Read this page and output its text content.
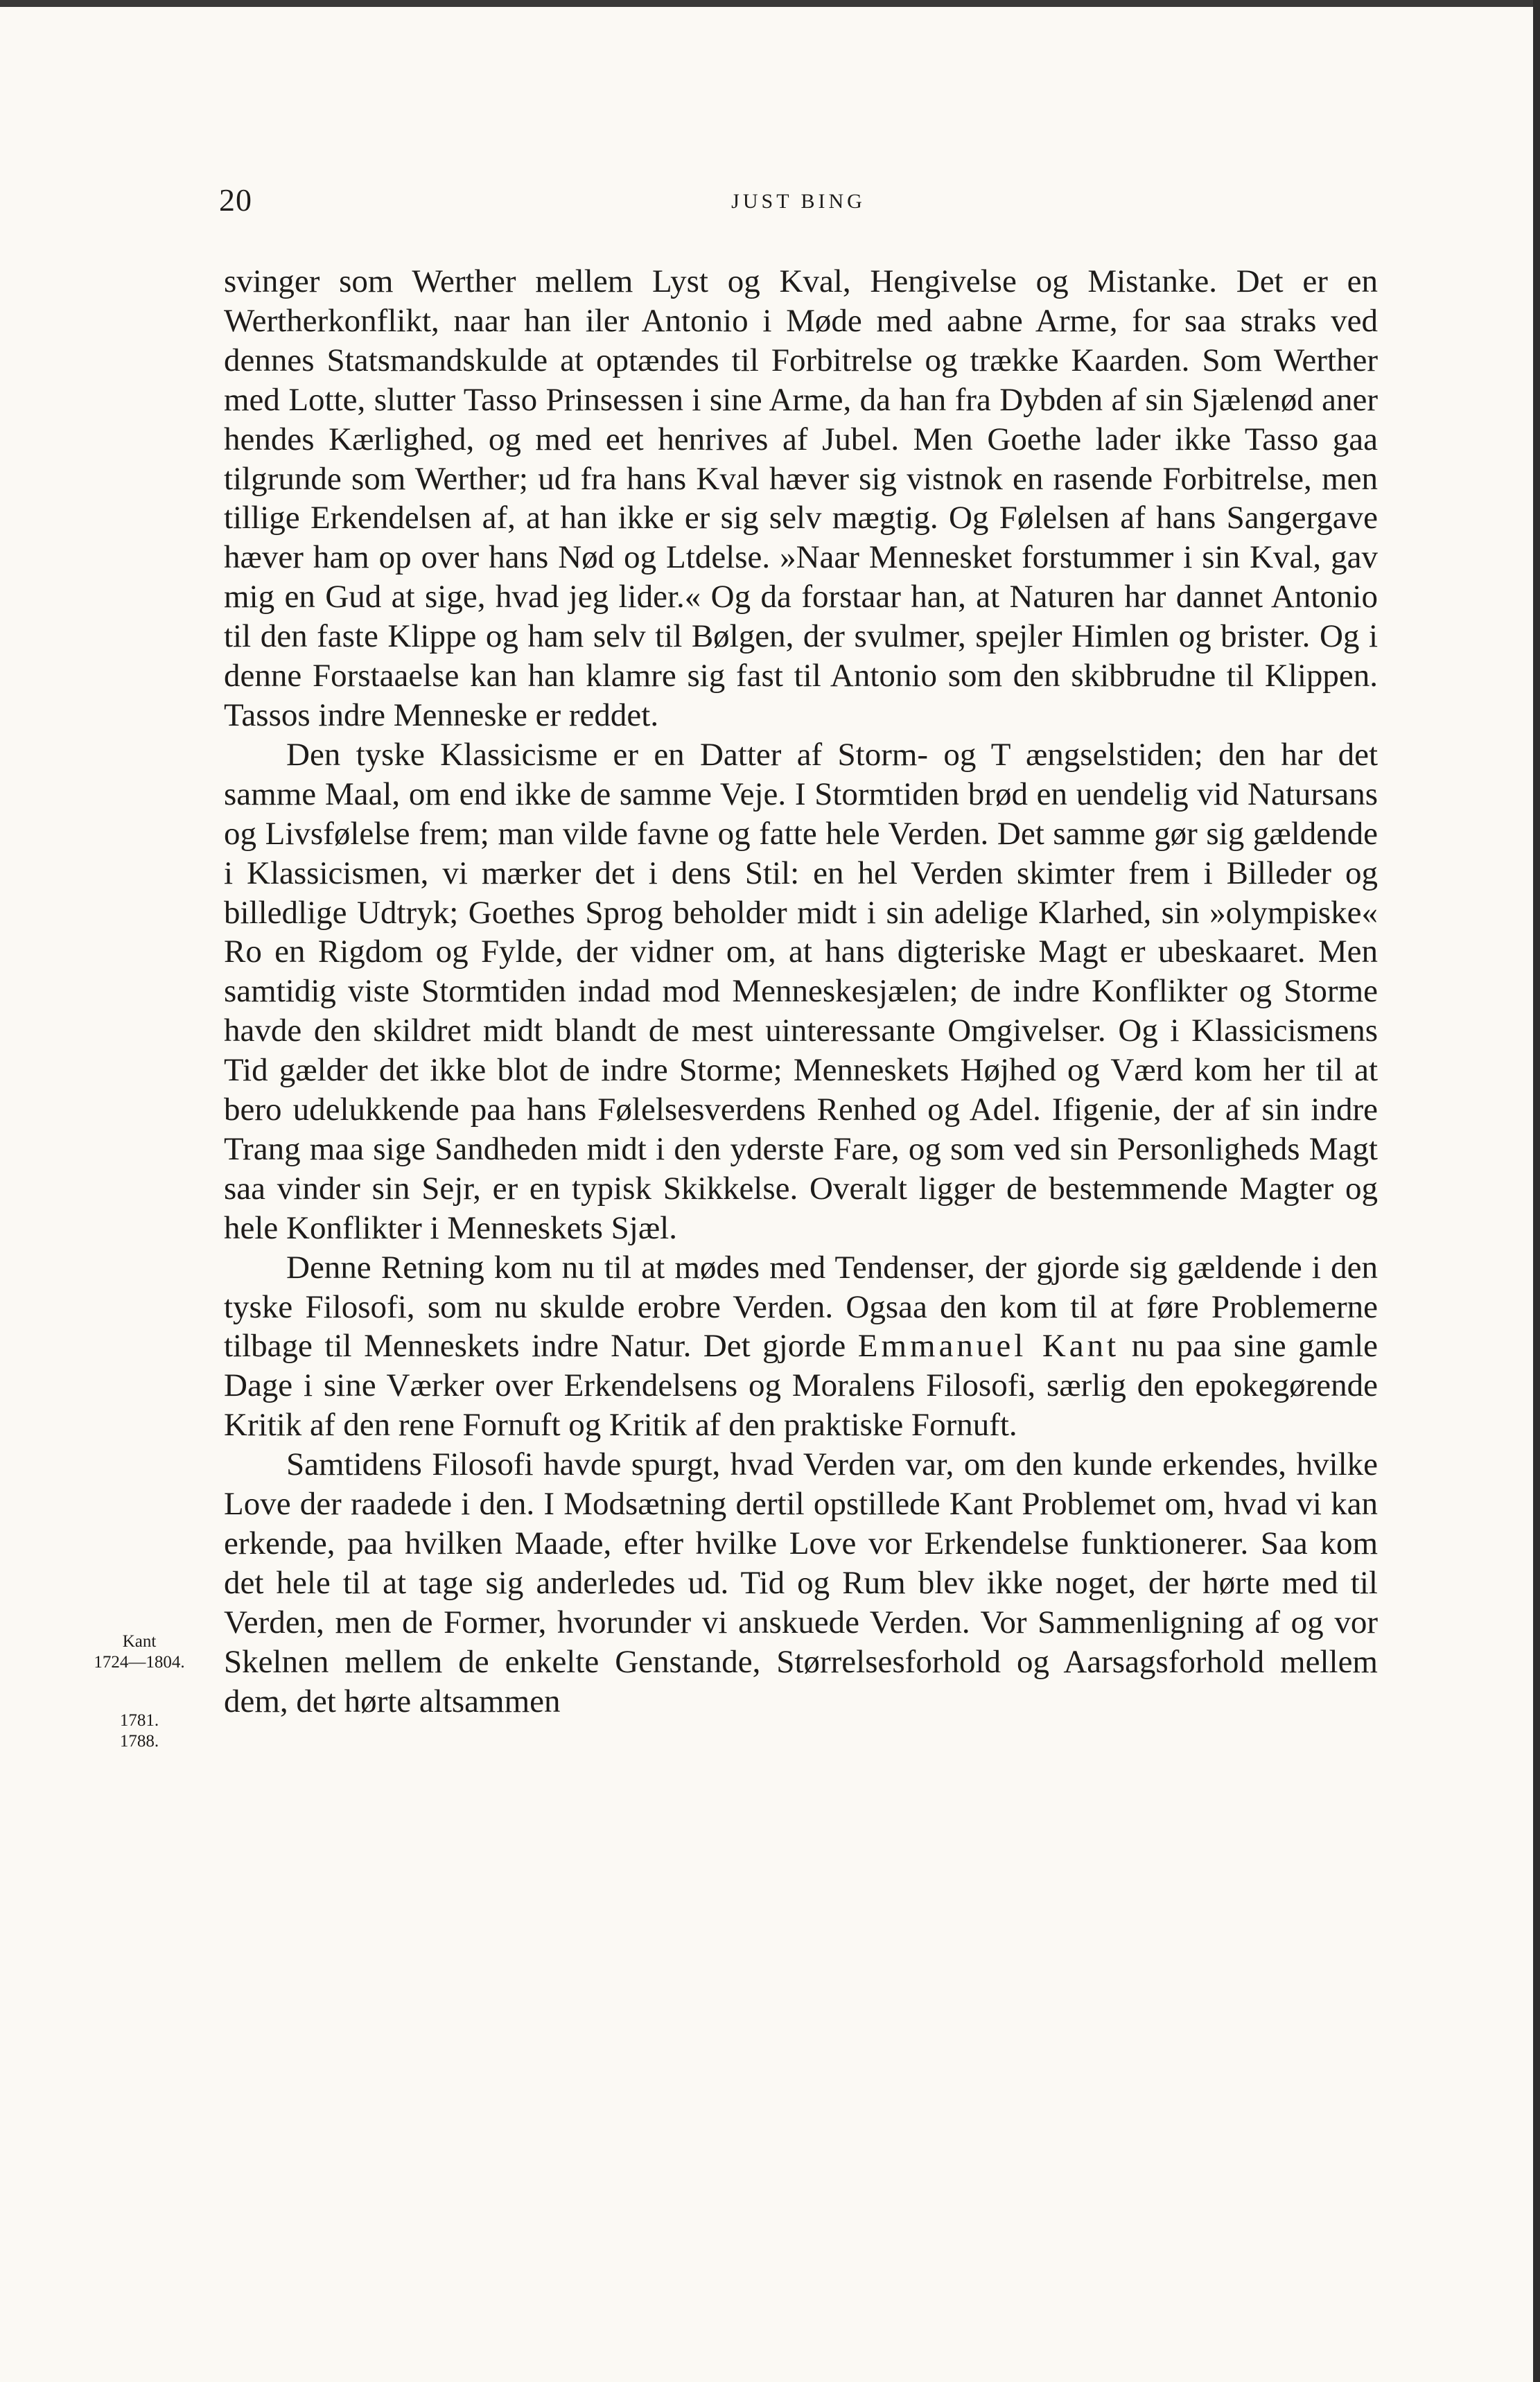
20	JUST BING

svinger som Werther mellem Lyst og Kval, Hengivelse og Mistanke. Det er en Wertherkonflikt, naar han iler Antonio i Møde med aabne Arme, for saa straks ved dennes Statsmandskulde at optændes til Forbitrelse og trække Kaarden. Som Werther med Lotte, slutter Tasso Prinsessen i sine Arme, da han fra Dybden af sin Sjælenød aner hendes Kærlighed, og med eet henrives af Jubel. Men Goethe lader ikke Tasso gaa tilgrunde som Werther; ud fra hans Kval hæver sig vistnok en rasende Forbitrelse, men tillige Erkendelsen af, at han ikke er sig selv mægtig. Og Følelsen af hans Sangergave hæver ham op over hans Nød og Ltdelse. »Naar Mennesket forstummer i sin Kval, gav mig en Gud at sige, hvad jeg lider.« Og da forstaar han, at Naturen har dannet Antonio til den faste Klippe og ham selv til Bølgen, der svulmer, spejler Himlen og brister. Og i denne Forstaaelse kan han klamre sig fast til Antonio som den skibbrudne til Klippen. Tassos indre Menneske er reddet.

Den tyske Klassicisme er en Datter af Storm- og T ængselstiden; den har det samme Maal, om end ikke de samme Veje. I Stormtiden brød en uendelig vid Natursans og Livsfølelse frem; man vilde favne og fatte hele Verden. Det samme gør sig gældende i Klassicismen, vi mærker det i dens Stil: en hel Verden skimter frem i Billeder og billedlige Udtryk; Goethes Sprog beholder midt i sin adelige Klarhed, sin »olympiske« Ro en Rigdom og Fylde, der vidner om, at hans digteriske Magt er ubeskaaret. Men samtidig viste Stormtiden indad mod Menneskesjælen; de indre Konflikter og Storme havde den skildret midt blandt de mest uinteressante Omgivelser. Og i Klassicismens Tid gælder det ikke blot de indre Storme; Menneskets Højhed og Værd kom her til at bero udelukkende paa hans Følelsesverdens Renhed og Adel. Ifigenie, der af sin indre Trang maa sige Sandheden midt i den yderste Fare, og som ved sin Personligheds Magt saa vinder sin Sejr, er en typisk Skikkelse. Overalt ligger de bestemmende Magter og hele Konflikter i Menneskets Sjæl.

Denne Retning kom nu til at mødes med Tendenser, der gjorde sig gældende i den tyske Filosofi, som nu skulde erobre Verden. Ogsaa den kom til at føre Problemerne tilbage til Menneskets indre Natur. Det gjorde Emmanuel Kant nu paa sine gamle Dage i sine Værker over Erkendelsens og Moralens Filosofi, særlig den epokegørende Kritik af den rene Fornuft og Kritik af den praktiske Fornuft.

Samtidens Filosofi havde spurgt, hvad Verden var, om den kunde erkendes, hvilke Love der raadede i den. I Modsætning dertil opstillede Kant Problemet om, hvad vi kan erkende, paa hvilken Maade, efter hvilke Love vor Erkendelse funktionerer. Saa kom det hele til at tage sig anderledes ud. Tid og Rum blev ikke noget, der hørte med til Verden, men de Former, hvorunder vi anskuede Verden. Vor Sammenligning af og vor Skelnen mellem de enkelte Genstande, Størrelsesforhold og Aarsagsforhold mellem dem, det hørte altsammen

Kant
1724—1804.
1781.
1788.
